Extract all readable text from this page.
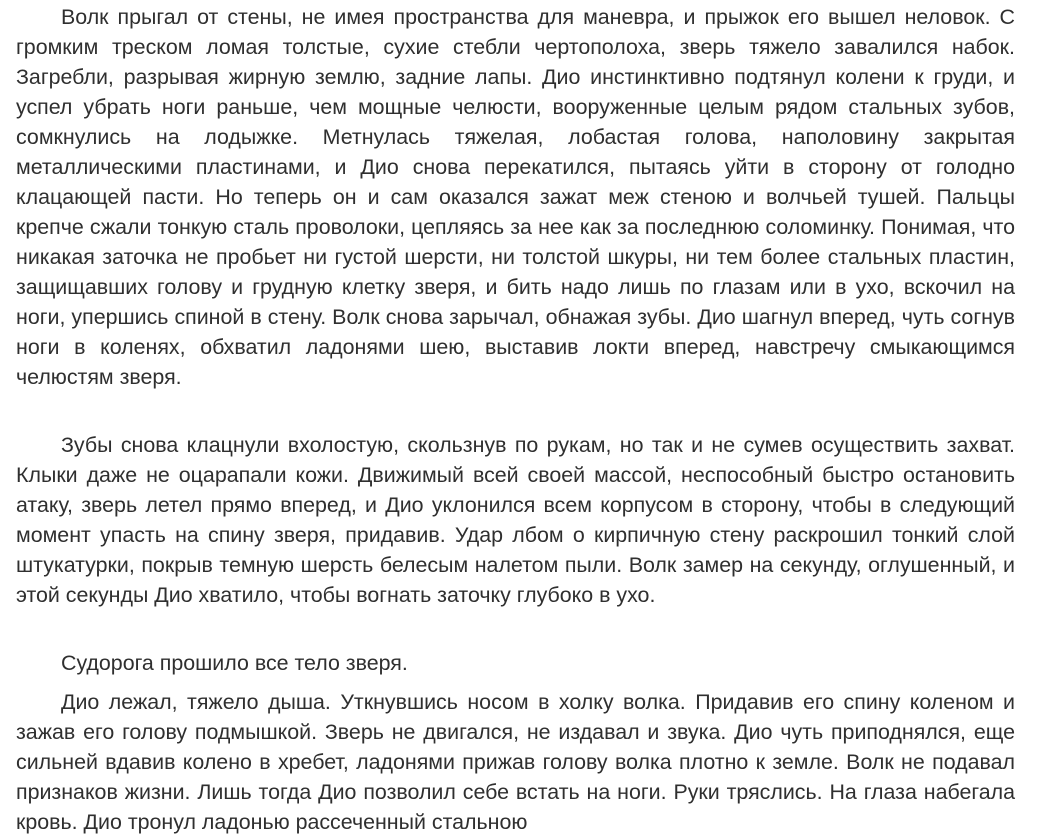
Волк прыгал от стены, не имея пространства для маневра, и прыжок его вышел неловок. С громким треском ломая толстые, сухие стебли чертополоха, зверь тяжело завалился набок. Загребли, разрывая жирную землю, задние лапы. Дио инстинктивно подтянул колени к груди, и успел убрать ноги раньше, чем мощные челюсти, вооруженные целым рядом стальных зубов, сомкнулись на лодыжке. Метнулась тяжелая, лобастая голова, наполовину закрытая металлическими пластинами, и Дио снова перекатился, пытаясь уйти в сторону от голодно клацающей пасти. Но теперь он и сам оказался зажат меж стеною и волчьей тушей. Пальцы крепче сжали тонкую сталь проволоки, цепляясь за нее как за последнюю соломинку. Понимая, что никакая заточка не пробьет ни густой шерсти, ни толстой шкуры, ни тем более стальных пластин, защищавших голову и грудную клетку зверя, и бить надо лишь по глазам или в ухо, вскочил на ноги, упершись спиной в стену. Волк снова зарычал, обнажая зубы. Дио шагнул вперед, чуть согнув ноги в коленях, обхватил ладонями шею, выставив локти вперед, навстречу смыкающимся челюстям зверя.

Зубы снова клацнули вхолостую, скользнув по рукам, но так и не сумев осуществить захват. Клыки даже не оцарапали кожи. Движимый всей своей массой, неспособный быстро остановить атаку, зверь летел прямо вперед, и Дио уклонился всем корпусом в сторону, чтобы в следующий момент упасть на спину зверя, придавив. Удар лбом о кирпичную стену раскрошил тонкий слой штукатурки, покрыв темную шерсть белесым налетом пыли. Волк замер на секунду, оглушенный, и этой секунды Дио хватило, чтобы вогнать заточку глубоко в ухо.

Судорога прошило все тело зверя.

Дио лежал, тяжело дыша. Уткнувшись носом в холку волка. Придавив его спину коленом и зажав его голову подмышкой. Зверь не двигался, не издавал и звука. Дио чуть приподнялся, еще сильней вдавив колено в хребет, ладонями прижав голову волка плотно к земле. Волк не подавал признаков жизни. Лишь тогда Дио позволил себе встать на ноги. Руки тряслись. На глаза набегала кровь. Дио тронул ладонью рассеченный стальною
